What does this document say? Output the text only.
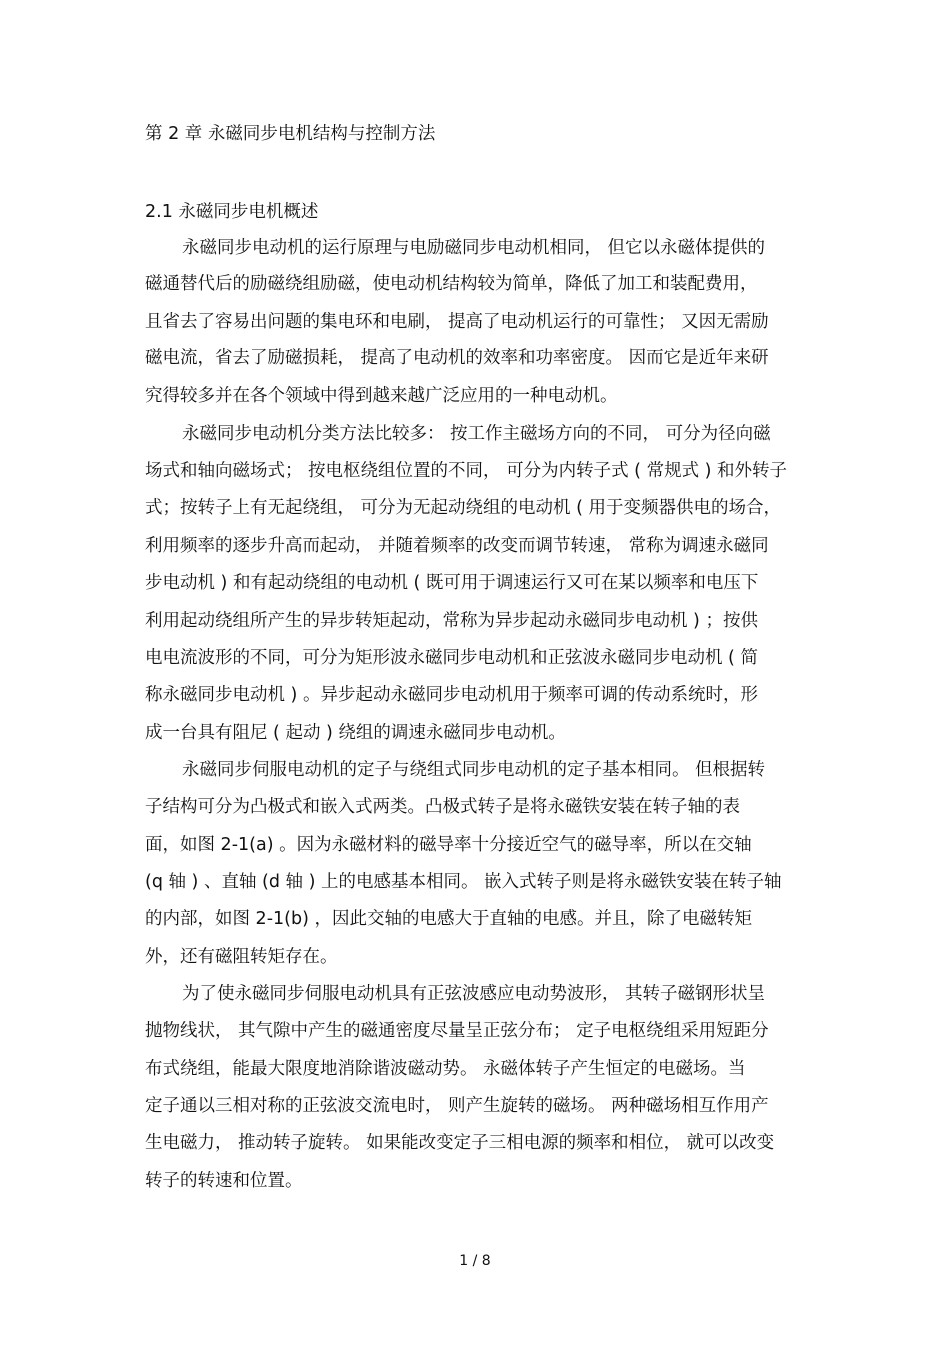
第 2 章 永磁同步电机结构与控制方法
2.1 永磁同步电机概述
永磁同步电动机的运行原理与电励磁同步电动机相同， 但它以永磁体提供的
磁通替代后的励磁绕组励磁，使电动机结构较为简单，降低了加工和装配费用，
且省去了容易出问题的集电环和电刷， 提高了电动机运行的可靠性； 又因无需励
磁电流，省去了励磁损耗， 提高了电动机的效率和功率密度。 因而它是近年来研
究得较多并在各个领域中得到越来越广泛应用的一种电动机。
永磁同步电动机分类方法比较多： 按工作主磁场方向的不同， 可分为径向磁
场式和轴向磁场式； 按电枢绕组位置的不同， 可分为内转子式 ( 常规式 ) 和外转子
式；按转子上有无起绕组， 可分为无起动绕组的电动机 ( 用于变频器供电的场合，
利用频率的逐步升高而起动， 并随着频率的改变而调节转速， 常称为调速永磁同
步电动机 ) 和有起动绕组的电动机 ( 既可用于调速运行又可在某以频率和电压下
利用起动绕组所产生的异步转矩起动，常称为异步起动永磁同步电动机 ) ；按供
电电流波形的不同，可分为矩形波永磁同步电动机和正弦波永磁同步电动机 ( 简
称永磁同步电动机 ) 。异步起动永磁同步电动机用于频率可调的传动系统时，形
成一台具有阻尼 ( 起动 ) 绕组的调速永磁同步电动机。
永磁同步伺服电动机的定子与绕组式同步电动机的定子基本相同。 但根据转
子结构可分为凸极式和嵌入式两类。凸极式转子是将永磁铁安装在转子轴的表
面，如图 2-1(a) 。因为永磁材料的磁导率十分接近空气的磁导率，所以在交轴
(q 轴 ) 、直轴 (d 轴 ) 上的电感基本相同。 嵌入式转子则是将永磁铁安装在转子轴
的内部，如图 2-1(b) ，因此交轴的电感大于直轴的电感。并且，除了电磁转矩
外，还有磁阻转矩存在。
为了使永磁同步伺服电动机具有正弦波感应电动势波形， 其转子磁钢形状呈
抛物线状， 其气隙中产生的磁通密度尽量呈正弦分布； 定子电枢绕组采用短距分
布式绕组，能最大限度地消除谐波磁动势。 永磁体转子产生恒定的电磁场。当
定子通以三相对称的正弦波交流电时， 则产生旋转的磁场。 两种磁场相互作用产
生电磁力， 推动转子旋转。 如果能改变定子三相电源的频率和相位， 就可以改变
转子的转速和位置。
1 / 8
